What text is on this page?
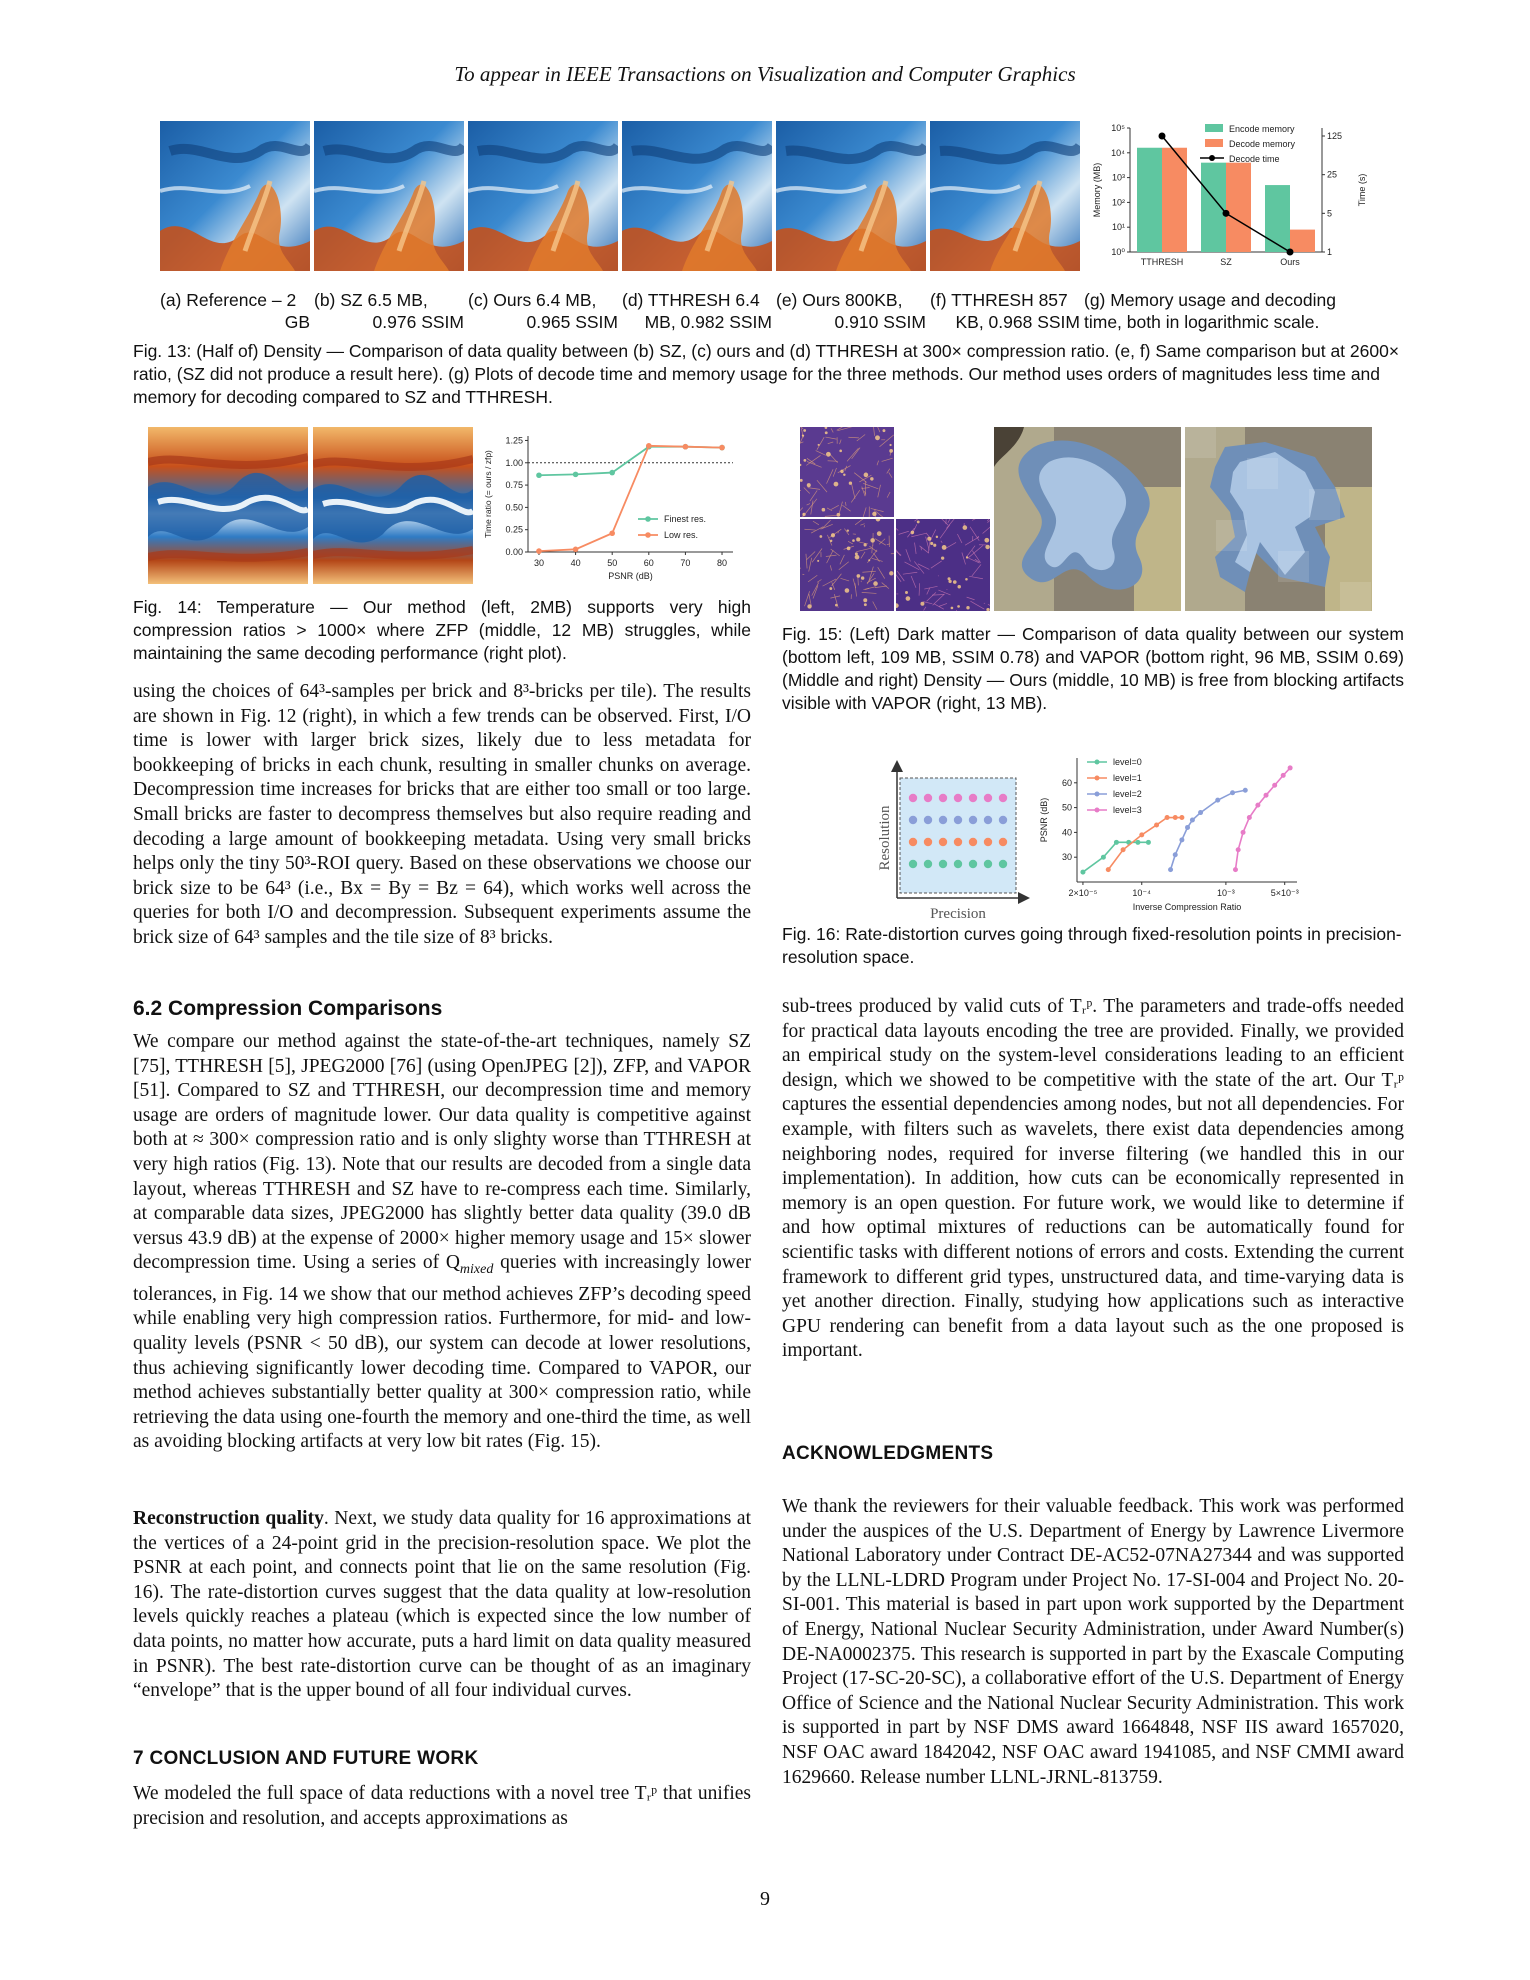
To appear in IEEE Transactions on Visualization and Computer Graphics
10⁰
10¹
10²
10³
10⁴
10⁵
1
5
25
125
Memory (MB)	Time (s)
TTHRESH	SZ	Ours
Encode memory
Decode memory
Decode time
(a) Reference – 2
GB
(b) SZ 6.5 MB,
0.976 SSIM
(c) Ours 6.4 MB,
0.965 SSIM
(d) TTHRESH 6.4
MB, 0.982 SSIM
(e) Ours 800KB,
0.910 SSIM
(f) TTHRESH 857
KB, 0.968 SSIM
(g) Memory usage and decoding
time, both in logarithmic scale.
Fig. 13: (Half of) Density — Comparison of data quality between (b) SZ, (c) ours and (d) TTHRESH at 300× compression ratio. (e, f) Same comparison but at 2600× ratio, (SZ did not produce a result here). (g) Plots of decode time and memory usage for the three methods. Our method uses orders of magnitudes less time and memory for decoding compared to SZ and TTHRESH.
0.00
0.25
0.50
0.75
1.00
1.25
30	40	50	60	70	80
PSNR (dB)
Time ratio (= ours / zfp)	Finest res.
Low res.
Fig. 14: Temperature — Our method (left, 2MB) supports very high compression ratios > 1000× where ZFP (middle, 12 MB) struggles, while maintaining the same decoding performance (right plot).
Fig. 15: (Left) Dark matter — Comparison of data quality between our system (bottom left, 109 MB, SSIM 0.78) and VAPOR (bottom right, 96 MB, SSIM 0.69) (Middle and right) Density — Ours (middle, 10 MB) is free from blocking artifacts visible with VAPOR (right, 13 MB).
Resolution
Precision
30
40
50
60
2×10⁻⁵	10⁻⁴	10⁻³	5×10⁻³
Inverse Compression Ratio
PSNR (dB)
level=0
level=1
level=2
level=3
Fig. 16: Rate-distortion curves going through fixed-resolution points in precision-resolution space.
using the choices of 64³-samples per brick and 8³-bricks per tile). The results are shown in Fig. 12 (right), in which a few trends can be observed. First, I/O time is lower with larger brick sizes, likely due to less metadata for bookkeeping of bricks in each chunk, resulting in smaller chunks on average. Decompression time increases for bricks that are either too small or too large. Small bricks are faster to decompress themselves but also require reading and decoding a large amount of bookkeeping metadata. Using very small bricks helps only the tiny 50³-ROI query. Based on these observations we choose our brick size to be 64³ (i.e., Bx = By = Bz = 64), which works well across the queries for both I/O and decompression. Subsequent experiments assume the brick size of 64³ samples and the tile size of 8³ bricks.
6.2 Compression Comparisons
We compare our method against the state-of-the-art techniques, namely SZ [75], TTHRESH [5], JPEG2000 [76] (using OpenJPEG [2]), ZFP, and VAPOR [51]. Compared to SZ and TTHRESH, our decompression time and memory usage are orders of magnitude lower. Our data quality is competitive against both at ≈ 300× compression ratio and is only slighty worse than TTHRESH at very high ratios (Fig. 13). Note that our results are decoded from a single data layout, whereas TTHRESH and SZ have to re-compress each time. Similarly, at comparable data sizes, JPEG2000 has slightly better data quality (39.0 dB versus 43.9 dB) at the expense of 2000× higher memory usage and 15× slower decompression time. Using a series of $Q_{mixed}$ queries with increasingly lower tolerances, in Fig. 14 we show that our method achieves ZFP’s decoding speed while enabling very high compression ratios. Furthermore, for mid- and low-quality levels (PSNR < 50 dB), our system can decode at lower resolutions, thus achieving significantly lower decoding time. Compared to VAPOR, our method achieves substantially better quality at 300× compression ratio, while retrieving the data using one-fourth the memory and one-third the time, as well as avoiding blocking artifacts at very low bit rates (Fig. 15).
Reconstruction quality. Next, we study data quality for 16 approximations at the vertices of a 24-point grid in the precision-resolution space. We plot the PSNR at each point, and connects point that lie on the same resolution (Fig. 16). The rate-distortion curves suggest that the data quality at low-resolution levels quickly reaches a plateau (which is expected since the low number of data points, no matter how accurate, puts a hard limit on data quality measured in PSNR). The best rate-distortion curve can be thought of as an imaginary “envelope” that is the upper bound of all four individual curves.
7 CONCLUSION AND FUTURE WORK
We modeled the full space of data reductions with a novel tree Tᵣᵖ that unifies precision and resolution, and accepts approximations as
sub-trees produced by valid cuts of Tᵣᵖ. The parameters and trade-offs needed for practical data layouts encoding the tree are provided. Finally, we provided an empirical study on the system-level considerations leading to an efficient design, which we showed to be competitive with the state of the art. Our Tᵣᵖ captures the essential dependencies among nodes, but not all dependencies. For example, with filters such as wavelets, there exist data dependencies among neighboring nodes, required for inverse filtering (we handled this in our implementation). In addition, how cuts can be economically represented in memory is an open question. For future work, we would like to determine if and how optimal mixtures of reductions can be automatically found for scientific tasks with different notions of errors and costs. Extending the current framework to different grid types, unstructured data, and time-varying data is yet another direction. Finally, studying how applications such as interactive GPU rendering can benefit from a data layout such as the one proposed is important.
ACKNOWLEDGMENTS
We thank the reviewers for their valuable feedback. This work was performed under the auspices of the U.S. Department of Energy by Lawrence Livermore National Laboratory under Contract DE-AC52-07NA27344 and was supported by the LLNL-LDRD Program under Project No. 17-SI-004 and Project No. 20-SI-001. This material is based in part upon work supported by the Department of Energy, National Nuclear Security Administration, under Award Number(s) DE-NA0002375. This research is supported in part by the Exascale Computing Project (17-SC-20-SC), a collaborative effort of the U.S. Department of Energy Office of Science and the National Nuclear Security Administration. This work is supported in part by NSF DMS award 1664848, NSF IIS award 1657020, NSF OAC award 1842042, NSF OAC award 1941085, and NSF CMMI award 1629660. Release number LLNL-JRNL-813759.
9
